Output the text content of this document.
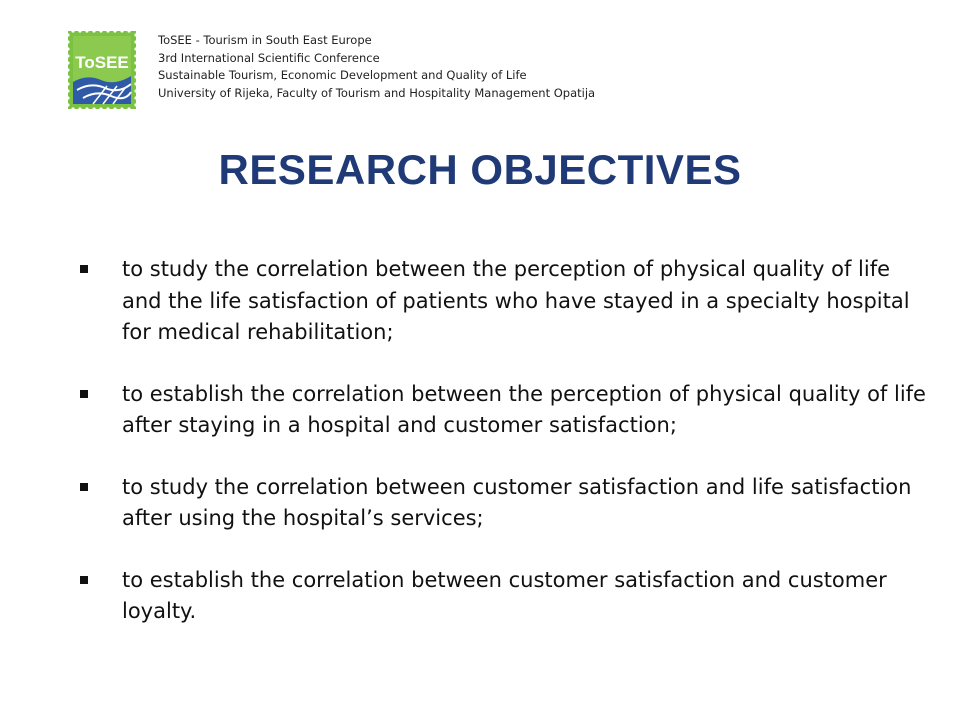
ToSEE
ToSEE - Tourism in South East Europe
3rd International Scientific Conference
Sustainable Tourism, Economic Development and Quality of Life
University of Rijeka, Faculty of Tourism and Hospitality Management Opatija
RESEARCH OBJECTIVES
to study the correlation between the perception of physical quality of life and the life satisfaction of patients who have stayed in a specialty hospital for medical rehabilitation;
to establish the correlation between the perception of physical quality of life after staying in a hospital and customer satisfaction;
to study the correlation between customer satisfaction and life satisfaction after using the hospital’s services;
to establish the correlation between customer satisfaction and customer loyalty.
